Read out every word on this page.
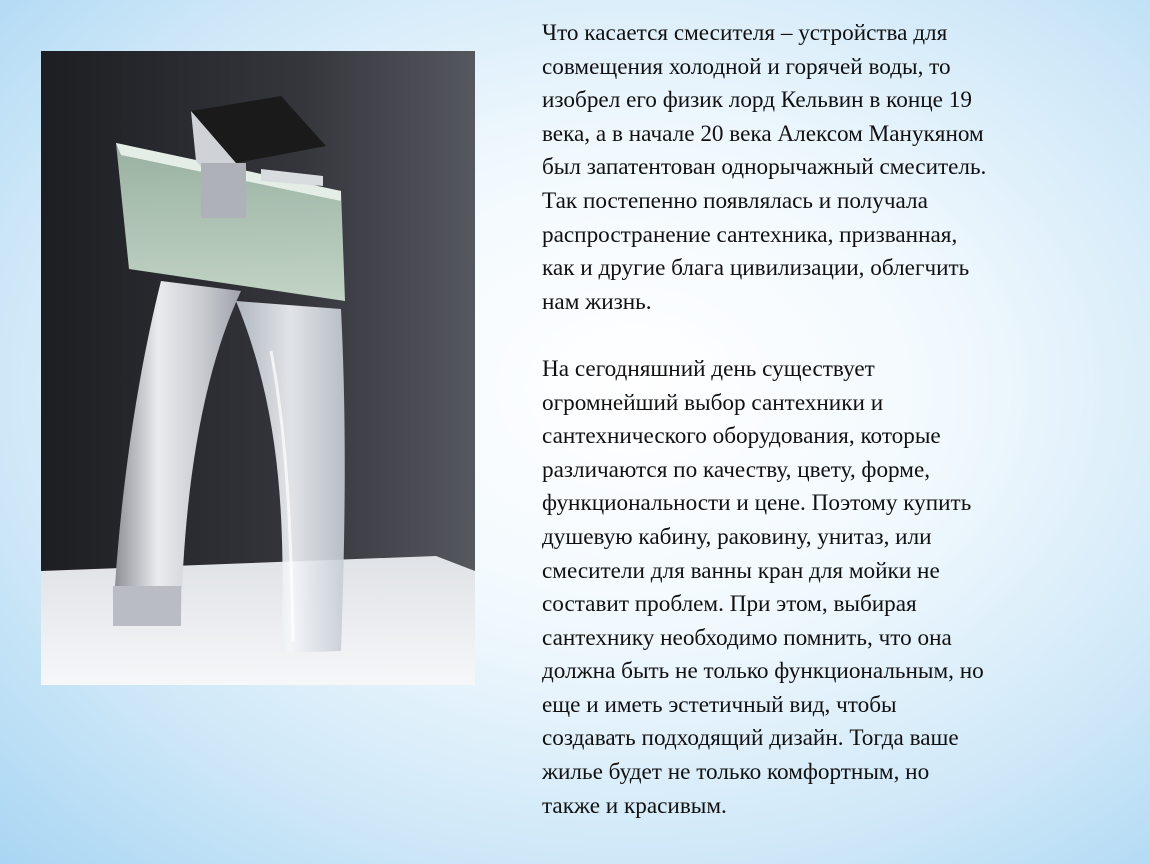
Что касается смесителя – устройства для
совмещения холодной и горячей воды, то
изобрел его физик лорд Кельвин в конце 19
века, а в начале 20 века Алексом Манукяном
был запатентован однорычажный смеситель.
Так постепенно появлялась и получала
распространение сантехника, призванная,
как и другие блага цивилизации, облегчить
нам жизнь.

На сегодняшний день существует
огромнейший выбор сантехники и
сантехнического оборудования, которые
различаются по качеству, цвету, форме,
функциональности и цене. Поэтому купить
душевую кабину, раковину, унитаз, или
смесители для ванны кран для мойки не
составит проблем. При этом, выбирая
сантехнику необходимо помнить, что она
должна быть не только функциональным, но
еще и иметь эстетичный вид, чтобы
создавать подходящий дизайн. Тогда ваше
жилье будет не только комфортным, но
также и красивым.
